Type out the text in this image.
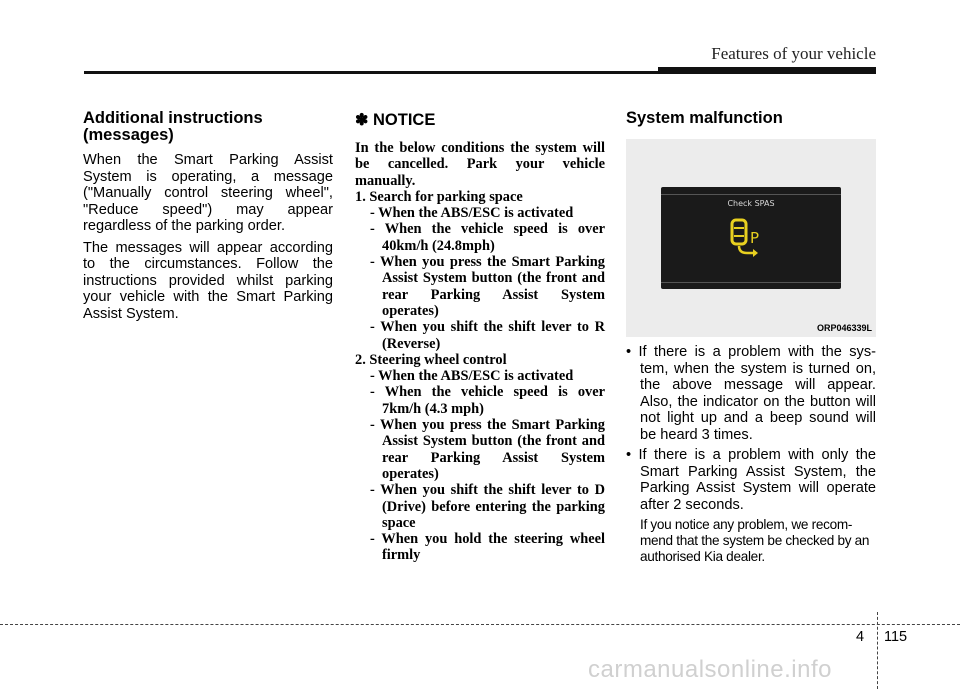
Features of your vehicle
Additional instructions (messages)

When the Smart Parking Assist System is operating, a message ("Manually control steering wheel", "Reduce speed") may appear regardless of the parking order.

The messages will appear according to the circumstances. Follow the instructions provided whilst parking your vehicle with the Smart Parking Assist System.

✽ NOTICE

In the below conditions the system will be cancelled. Park your vehicle manually.

1. Search for parking space

- When the ABS/ESC is activated

- When the vehicle speed is over 40km/h (24.8mph)

- When you press the Smart Parking Assist System button (the front and rear Parking Assist System operates)

- When you shift the shift lever to R (Reverse)

2. Steering wheel control

- When the ABS/ESC is activated

- When the vehicle speed is over 7km/h (4.3 mph)

- When you press the Smart Parking Assist System button (the front and rear Parking Assist System operates)

- When you shift the shift lever to D (Drive) before entering the parking space

- When you hold the steering wheel firmly

System malfunction
Check SPAS
P
ORP046339L

• If there is a problem with the sys-tem, when the system is turned on, the above message will appear. Also, the indicator on the button will not light up and a beep sound will be heard 3 times.

• If there is a problem with only the Smart Parking Assist System, the Parking Assist System will operate after 2 seconds.

If you notice any problem, we recom-mend that the system be checked by an authorised Kia dealer.

4 115
carmanualsonline.info
